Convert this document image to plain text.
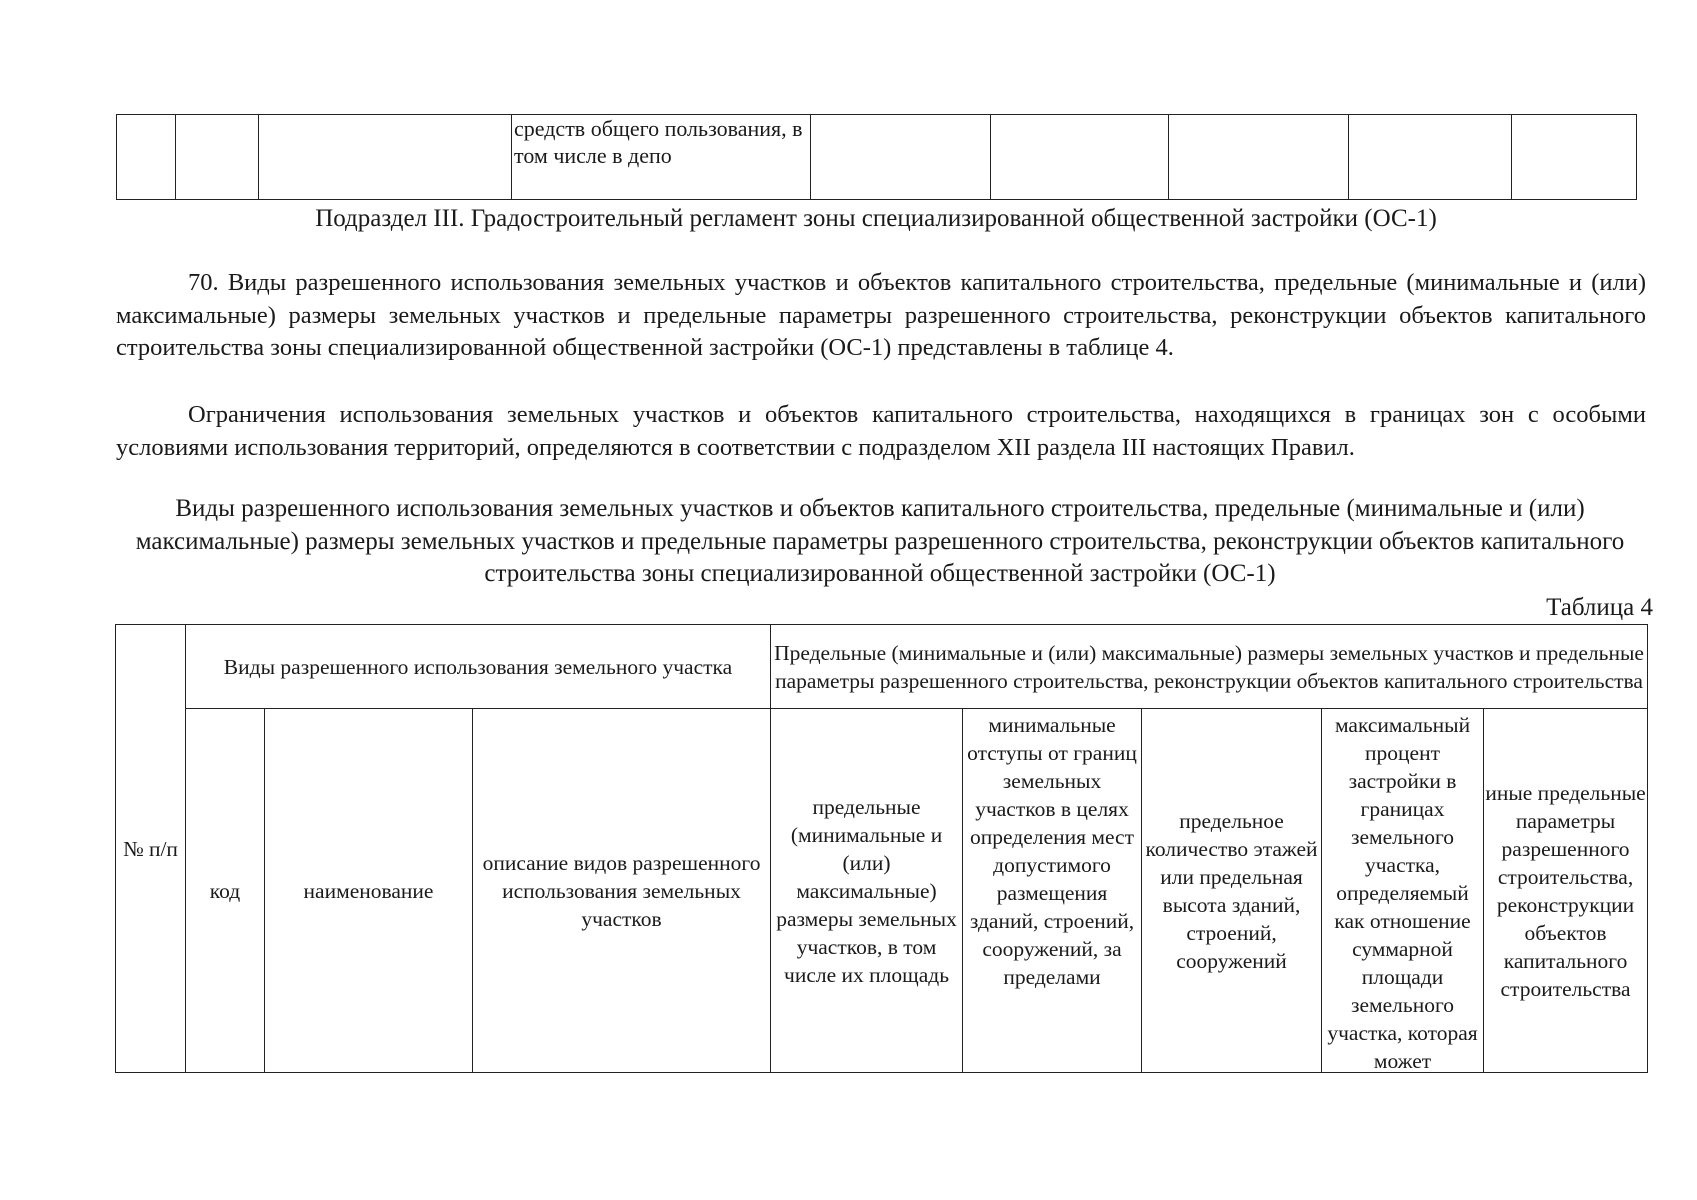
средств общего пользования, в том числе в депо

Подраздел III. Градостроительный регламент зоны специализированной общественной застройки (ОС-1)

70. Виды разрешенного использования земельных участков и объектов капитального строительства, предельные (минимальные и (или) максимальные) размеры земельных участков и предельные параметры разрешенного строительства, реконструкции объектов капитального строительства зоны специализированной общественной застройки (ОС-1) представлены в таблице 4.

Ограничения использования земельных участков и объектов капитального строительства, находящихся в границах зон с особыми условиями использования территорий, определяются в соответствии с подразделом XII раздела III настоящих Правил.

Виды разрешенного использования земельных участков и объектов капитального строительства, предельные (минимальные и (или) максимальные) размеры земельных участков и предельные параметры разрешенного строительства, реконструкции объектов капитального строительства зоны специализированной общественной застройки (ОС-1)
Таблица 4
№ п/п	Виды разрешенного использования земельного участка			Предельные (минимальные и (или) максимальные) размеры земельных участков и предельные параметры разрешенного строительства, реконструкции объектов капитального строительства				
	код	наименование	описание видов разрешенного использования земельных участков	предельные (минимальные и (или) максимальные) размеры земельных участков, в том числе их площадь	минимальные отступы от границ земельных участков в целях определения мест допустимого размещения зданий, строений, сооружений, за пределами	предельное количество этажей или предельная высота зданий, строений, сооружений	максимальный процент застройки в границах земельного участка, определяемый как отношение суммарной площади земельного участка, которая может	иные предельные параметры разрешенного строительства, реконструкции объектов капитального строительства
